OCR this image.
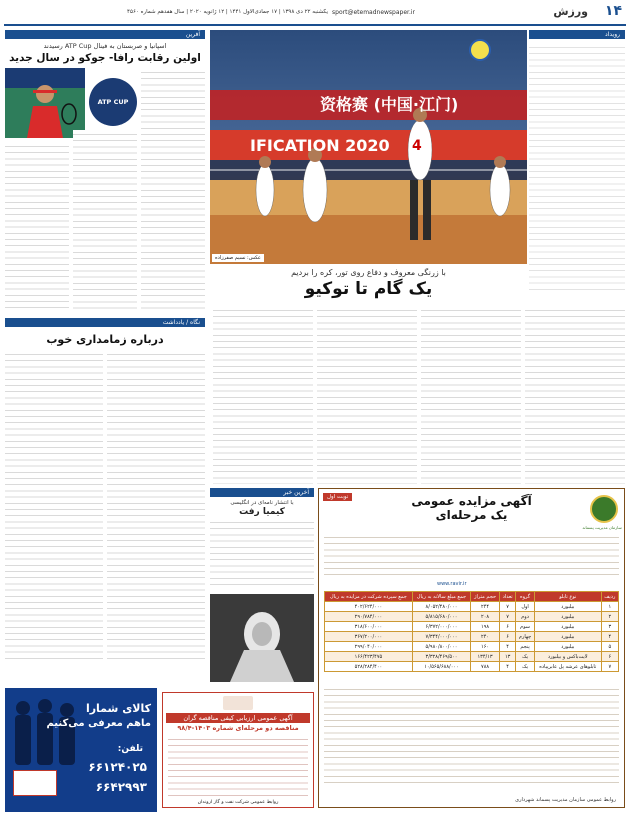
۱۴
ورزش
sport@etemadnewspaper.ir
یکشنبه ۲۲ دی ۱۳۹۸ | ۱۷ جمادی‌الاول ۱۴۴۱ | ۱۲ ژانویه ۲۰۲۰ | سال هفدهم شماره ۴۵۶۰
رویداد
资格赛 (中国·江门)
IFICATION 2020 4
عکس: نسیم صفرزاده
با زرنگی معروف و دفاع روی تور، کره را بردیم
یک گام تا توکیو
آفرین
اسپانیا و صربستان به فینال ATP Cup رسیدند
اولین رقابت رافا- جوکو در سال جدید
ATP CUP
نگاه / یادداشت
درباره زمامداری خوب
آخرین خبر
با انتشار نامه‌ای در انگلیسی
کیمیا رفت
نوبت اول
سازمان مدیریت پسماند
آگهی مزایده عمومی
یک مرحله‌ای
www.ravir.ir
ردیف	نوع تابلو	گروه	تعداد	حجم متراژ	جمع مبلغ سالانه به ریال	جمع سپرده شرکت در مزایده به ریال
۱	بیلبورد	اول	۷	۲۴۴	۸/۰۵۲/۴۸۰/۰۰۰	۴۰۲/۶۲۴/۰۰۰
۲	بیلبورد	دوم	۷	۲۰۸	۵/۸۱۵/۶۸۰/۰۰۰	۲۹۰/۷۸۴/۰۰۰
۳	بیلبورد	سوم	۶	۱۹۸	۶/۳۷۲/۰۰۰/۰۰۰	۳۱۸/۶۰۰/۰۰۰
۴	بیلبورد	چهارم	۶	۲۴۰	۷/۳۴۴/۰۰۰/۰۰۰	۳۶۷/۲۰۰/۰۰۰
۵	بیلبورد	پنجم	۴	۱۶۰	۵/۹۸۰/۸۰۰/۰۰۰	۲۹۹/۰۴۰/۰۰۰
۶	لایت‌باکس و بیلبورد	یک	۱۳	۱۳۴/۱۳	۳/۳۲۸/۴۶۹/۵۰۰	۱۶۶/۴۲۳/۴۷۵
۷	تابلوهای عرشه پل عابرپیاده	یک	۴	۷۸۸	۱۰/۵۶۵/۶۸۸/۰۰۰	۵۲۸/۲۸۴/۴۰۰
روابط عمومی سازمان مدیریت پسماند شهرداری
آگهی عمومی ارزیابی کیفی مناقصه گران
مناقصه دو مرحله‌ای شماره ۱۴۰۳-۹۸/۴
روابط عمومی شرکت نفت و گاز اروندان
کالای شمارا
ماهم معرفی می‌کنیم
تلفن:
۶۶۱۲۴۰۲۵
۶۶۴۲۹۹۳
